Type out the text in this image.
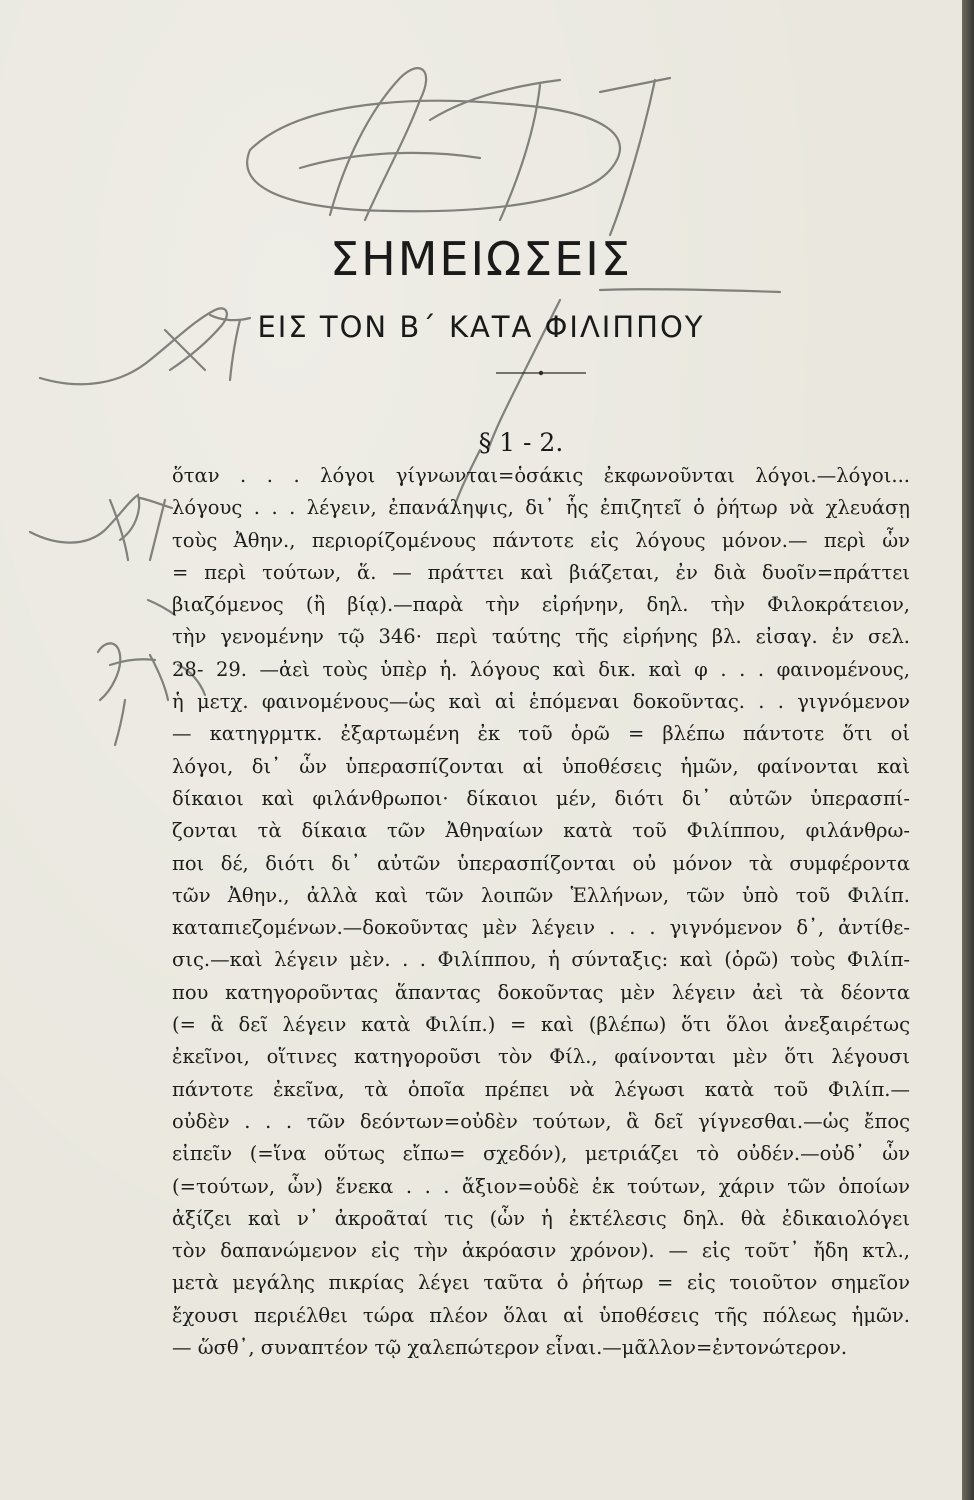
ΣΗΜΕΙΩΣΕΙΣ
ΕΙΣ ΤΟΝ Β΄ ΚΑΤΑ ΦΙΛΙΠΠΟΥ
§ 1 - 2.
ὅταν . . . λόγοι γίγνωνται=ὁσάκις ἐκφωνοῦνται λόγοι.—λόγοι...
λόγους . . . λέγειν, ἐπανάληψις, δι᾽ ἧς ἐπιζητεῖ ὁ ῥήτωρ νὰ χλευάσῃ
τοὺς Ἀθην., περιορίζομένους πάντοτε εἰς λόγους μόνον.— περὶ ὧν
= περὶ τούτων, ἅ. — πράττει καὶ βιάζεται, ἐν διὰ δυοῖν=πράττει
βιαζόμενος (ἢ βίᾳ).—παρὰ τὴν εἰρήνην, δηλ. τὴν Φιλοκράτειον,
τὴν γενομένην τῷ 346· περὶ ταύτης τῆς εἰρήνης βλ. εἰσαγ. ἐν σελ.
28- 29. —ἀεὶ τοὺς ὑπὲρ ἡ. λόγους καὶ δικ. καὶ φ . . . φαινομένους,
ἡ μετχ. φαινομένους—ὡς καὶ αἱ ἑπόμεναι δοκοῦντας. . . γιγνόμενον
— κατηγρμτκ. ἐξαρτωμένη ἐκ τοῦ ὁρῶ = βλέπω πάντοτε ὅτι οἱ
λόγοι, δι᾽ ὧν ὑπερασπίζονται αἱ ὑποθέσεις ἡμῶν, φαίνονται καὶ
δίκαιοι καὶ φιλάνθρωποι· δίκαιοι μέν, διότι δι᾽ αὐτῶν ὑπερασπί-
ζονται τὰ δίκαια τῶν Ἀθηναίων κατὰ τοῦ Φιλίππου, φιλάνθρω-
ποι δέ, διότι δι᾽ αὐτῶν ὑπερασπίζονται οὐ μόνον τὰ συμφέροντα
τῶν Ἀθην., ἀλλὰ καὶ τῶν λοιπῶν Ἑλλήνων, τῶν ὑπὸ τοῦ Φιλίπ.
καταπιεζομένων.—δοκοῦντας μὲν λέγειν . . . γιγνόμενον δ᾽, ἀντίθε-
σις.—καὶ λέγειν μὲν. . . Φιλίππου, ἡ σύνταξις: καὶ (ὁρῶ) τοὺς Φιλίπ-
που κατηγοροῦντας ἅπαντας δοκοῦντας μὲν λέγειν ἀεὶ τὰ δέοντα
(= ἃ δεῖ λέγειν κατὰ Φιλίπ.) = καὶ (βλέπω) ὅτι ὅλοι ἀνεξαιρέτως
ἐκεῖνοι, οἵτινες κατηγοροῦσι τὸν Φίλ., φαίνονται μὲν ὅτι λέγουσι
πάντοτε ἐκεῖνα, τὰ ὁποῖα πρέπει νὰ λέγωσι κατὰ τοῦ Φιλίπ.—
οὐδὲν . . . τῶν δεόντων=οὐδὲν τούτων, ἃ δεῖ γίγνεσθαι.—ὡς ἔπος
εἰπεῖν (=ἵνα οὕτως εἴπω= σχεδόν), μετριάζει τὸ οὐδέν.—οὐδ᾽ ὧν
(=τούτων, ὧν) ἕνεκα . . . ἄξιον=οὐδὲ ἐκ τούτων, χάριν τῶν ὁποίων
ἀξίζει καὶ ν᾽ ἀκροᾶταί τις (ὧν ἡ ἐκτέλεσις δηλ. θὰ ἐδικαιολόγει
τὸν δαπανώμενον εἰς τὴν ἀκρόασιν χρόνον). — εἰς τοῦτ᾽ ἤδη κτλ.,
μετὰ μεγάλης πικρίας λέγει ταῦτα ὁ ῥήτωρ = εἰς τοιοῦτον σημεῖον
ἔχουσι περιέλθει τώρα πλέον ὅλαι αἱ ὑποθέσεις τῆς πόλεως ἡμῶν.
— ὥσθ᾽, συναπτέον τῷ χαλεπώτερον εἶναι.—μᾶλλον=ἐντονώτερον.
